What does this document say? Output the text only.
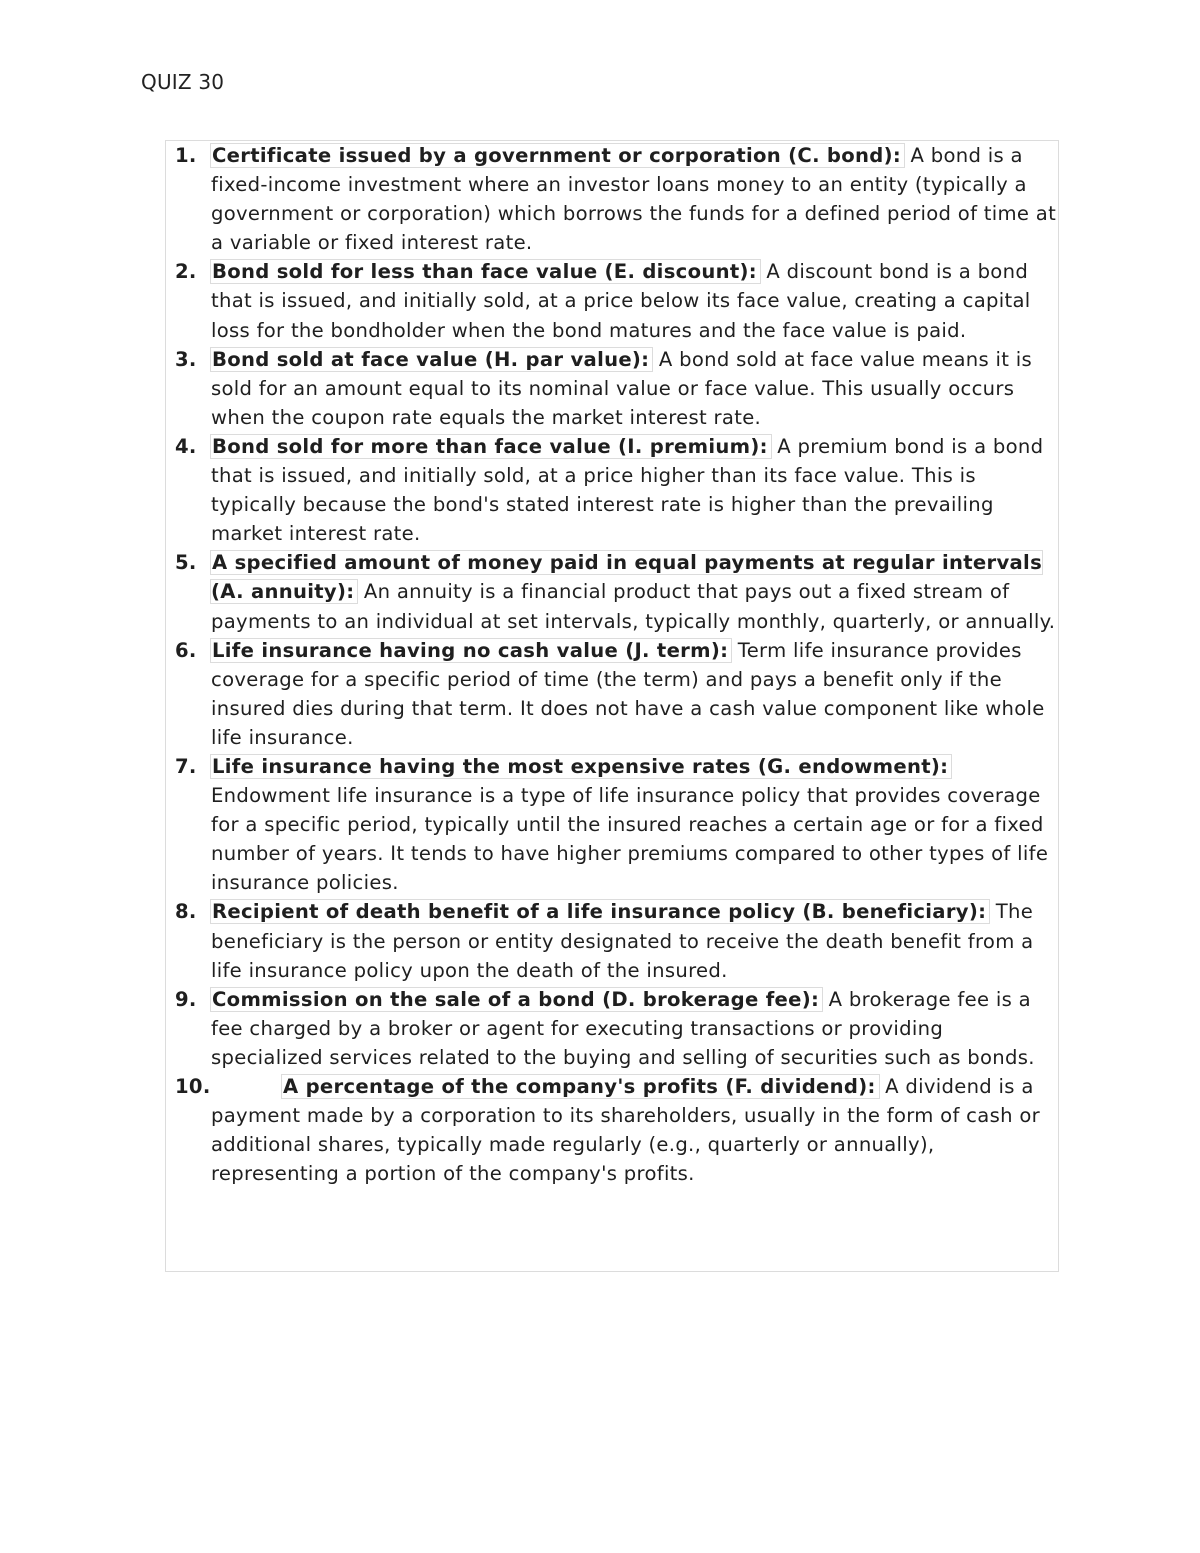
QUIZ 30
1. Certificate issued by a government or corporation (C. bond): A bond is a fixed-income investment where an investor loans money to an entity (typically a government or corporation) which borrows the funds for a defined period of time at a variable or fixed interest rate.
2. Bond sold for less than face value (E. discount): A discount bond is a bond that is issued, and initially sold, at a price below its face value, creating a capital loss for the bondholder when the bond matures and the face value is paid.
3. Bond sold at face value (H. par value): A bond sold at face value means it is sold for an amount equal to its nominal value or face value. This usually occurs when the coupon rate equals the market interest rate.
4. Bond sold for more than face value (I. premium): A premium bond is a bond that is issued, and initially sold, at a price higher than its face value. This is typically because the bond's stated interest rate is higher than the prevailing market interest rate.
5. A specified amount of money paid in equal payments at regular intervals (A. annuity): An annuity is a financial product that pays out a fixed stream of payments to an individual at set intervals, typically monthly, quarterly, or annually.
6. Life insurance having no cash value (J. term): Term life insurance provides coverage for a specific period of time (the term) and pays a benefit only if the insured dies during that term. It does not have a cash value component like whole life insurance.
7. Life insurance having the most expensive rates (G. endowment): Endowment life insurance is a type of life insurance policy that provides coverage for a specific period, typically until the insured reaches a certain age or for a fixed number of years. It tends to have higher premiums compared to other types of life insurance policies.
8. Recipient of death benefit of a life insurance policy (B. beneficiary): The beneficiary is the person or entity designated to receive the death benefit from a life insurance policy upon the death of the insured.
9. Commission on the sale of a bond (D. brokerage fee): A brokerage fee is a fee charged by a broker or agent for executing transactions or providing specialized services related to the buying and selling of securities such as bonds.
10.	A percentage of the company's profits (F. dividend): A dividend is a payment made by a corporation to its shareholders, usually in the form of cash or additional shares, typically made regularly (e.g., quarterly or annually), representing a portion of the company's profits.
